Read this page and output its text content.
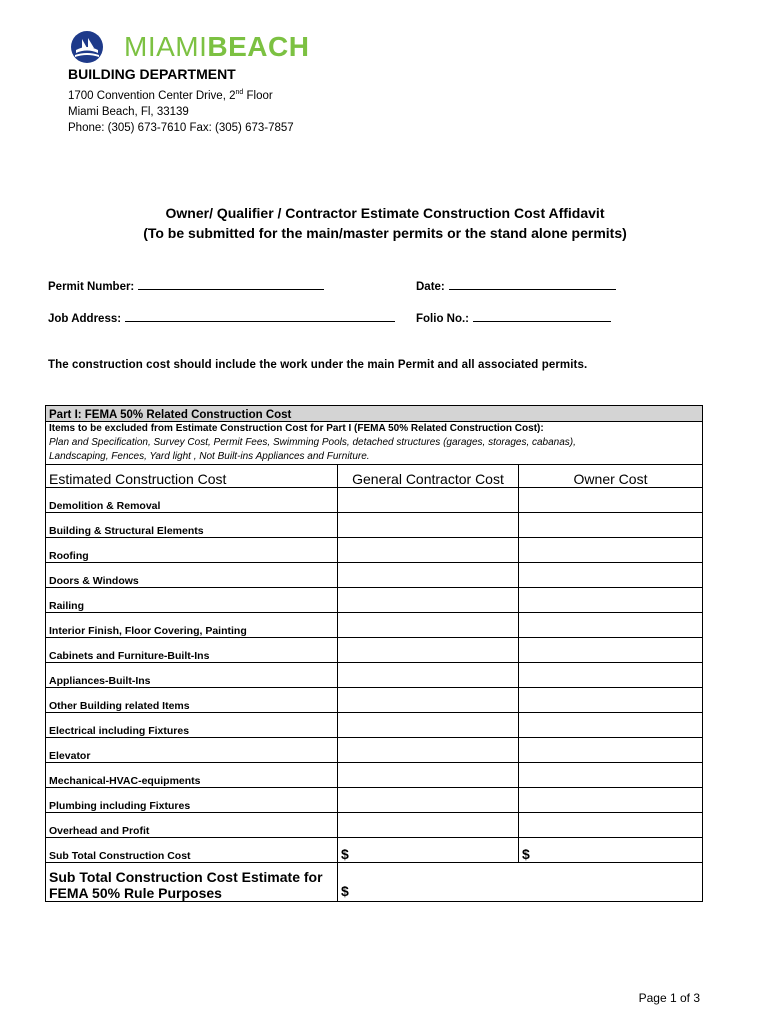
MIAMIBEACH
BUILDING DEPARTMENT
1700 Convention Center Drive, 2nd Floor
Miami Beach, Fl, 33139
Phone: (305) 673-7610 Fax: (305) 673-7857
Owner/ Qualifier / Contractor Estimate Construction Cost Affidavit
(To be submitted for the main/master permits or the stand alone permits)
Permit Number:	Date:
Job Address:	Folio No.:
The construction cost should include the work under the main Permit and all associated permits.
Part I: FEMA 50% Related Construction Cost		

Items to be excluded from Estimate Construction Cost for Part I (FEMA 50% Related Construction Cost):
Plan and Specification, Survey Cost, Permit Fees, Swimming Pools, detached structures (garages, storages, cabanas),
Landscaping, Fences, Yard light , Not Built-ins Appliances and Furniture.		

Estimated Construction Cost	General Contractor Cost	Owner Cost
Demolition & Removal		
Building & Structural Elements		
Roofing		
Doors & Windows		
Railing		
Interior Finish, Floor Covering, Painting		
Cabinets and Furniture-Built-Ins		
Appliances-Built-Ins		
Other Building related Items		
Electrical including Fixtures		
Elevator		
Mechanical-HVAC-equipments		
Plumbing including Fixtures		
Overhead and Profit		
Sub Total Construction Cost	$	$

Sub Total Construction Cost Estimate for
FEMA 50% Rule Purposes	$	
Page 1 of 3
